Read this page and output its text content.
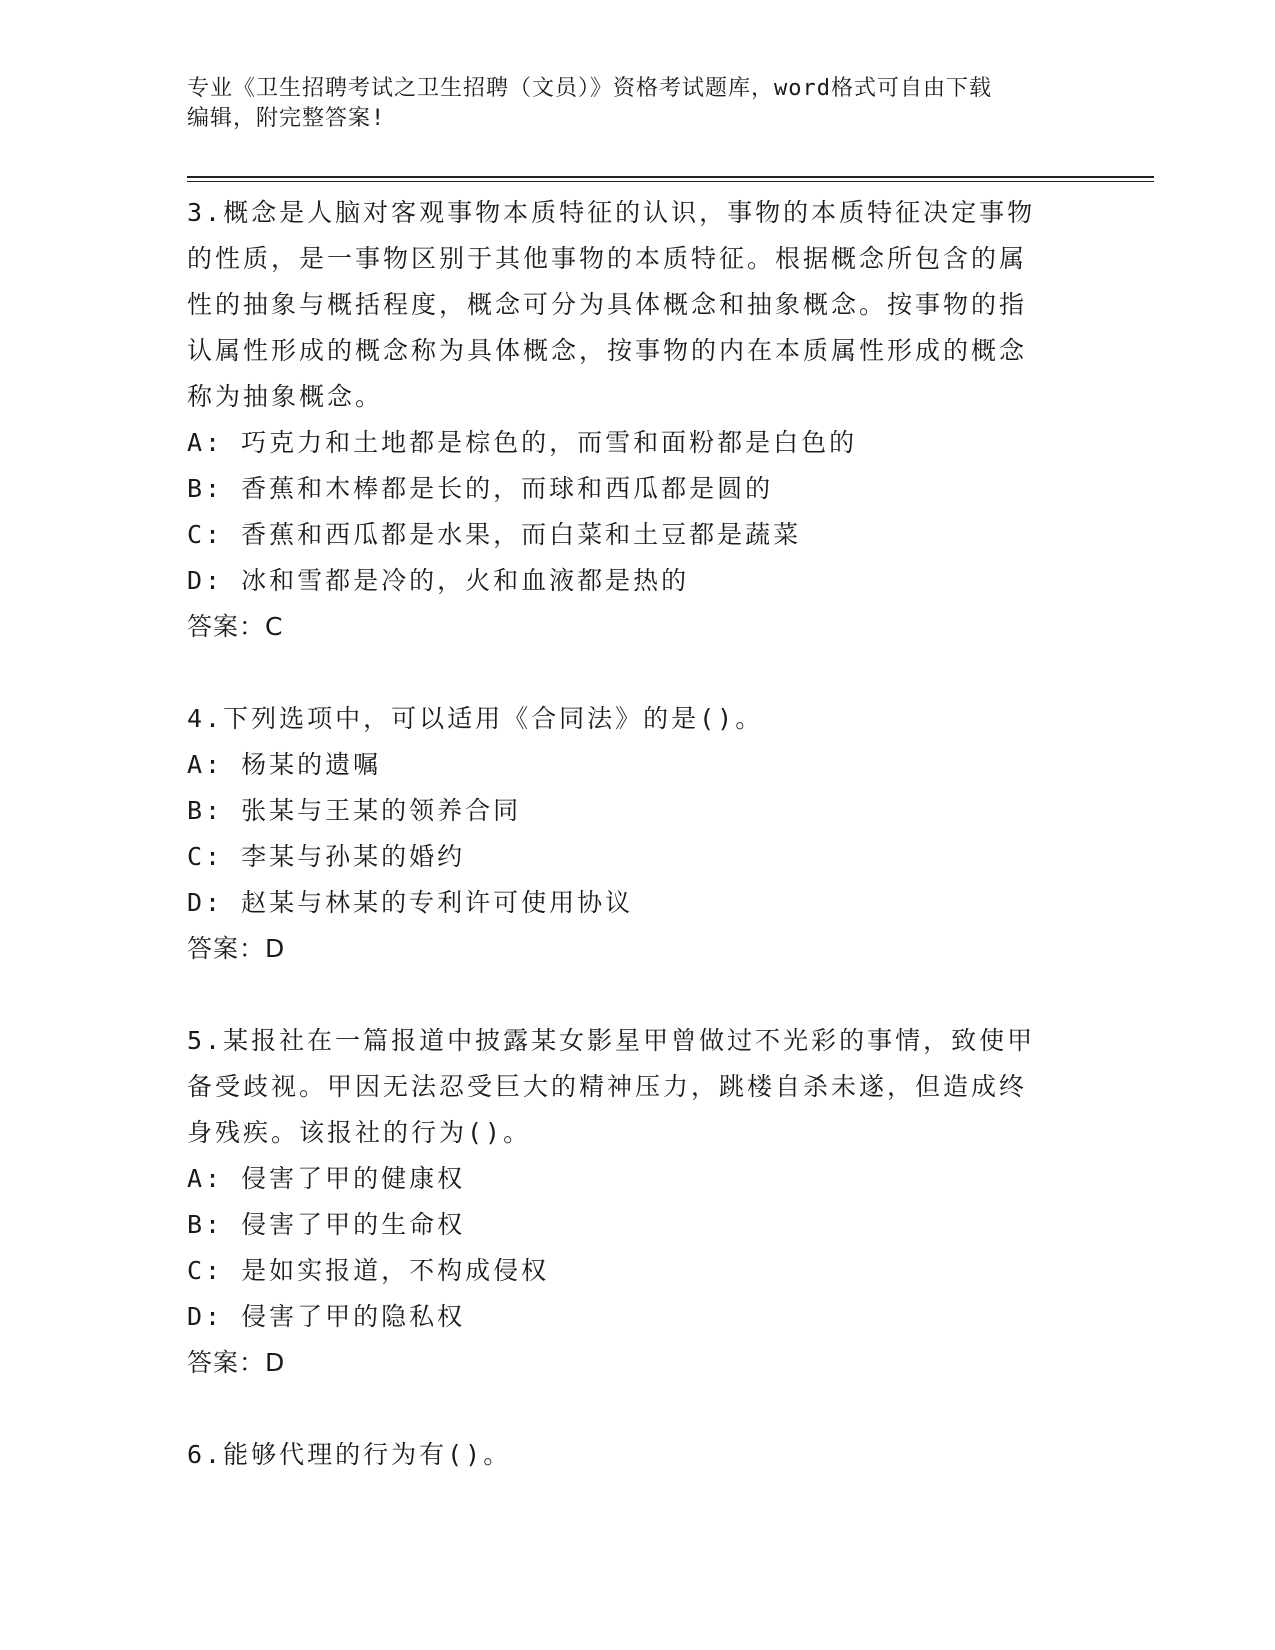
专业《卫生招聘考试之卫生招聘（文员）》资格考试题库，word格式可自由下载
编辑，附完整答案!

3.概念是人脑对客观事物本质特征的认识，事物的本质特征决定事物

的性质，是一事物区别于其他事物的本质特征。根据概念所包含的属

性的抽象与概括程度，概念可分为具体概念和抽象概念。按事物的指

认属性形成的概念称为具体概念，按事物的内在本质属性形成的概念

称为抽象概念。

A: 巧克力和土地都是棕色的，而雪和面粉都是白色的

B: 香蕉和木棒都是长的，而球和西瓜都是圆的

C: 香蕉和西瓜都是水果，而白菜和土豆都是蔬菜

D: 冰和雪都是冷的，火和血液都是热的

答案：C

4.下列选项中，可以适用《合同法》的是()。

A: 杨某的遗嘱

B: 张某与王某的领养合同

C: 李某与孙某的婚约

D: 赵某与林某的专利许可使用协议

答案：D

5.某报社在一篇报道中披露某女影星甲曾做过不光彩的事情，致使甲

备受歧视。甲因无法忍受巨大的精神压力，跳楼自杀未遂，但造成终

身残疾。该报社的行为()。

A: 侵害了甲的健康权

B: 侵害了甲的生命权

C: 是如实报道，不构成侵权

D: 侵害了甲的隐私权

答案：D

6.能够代理的行为有()。
